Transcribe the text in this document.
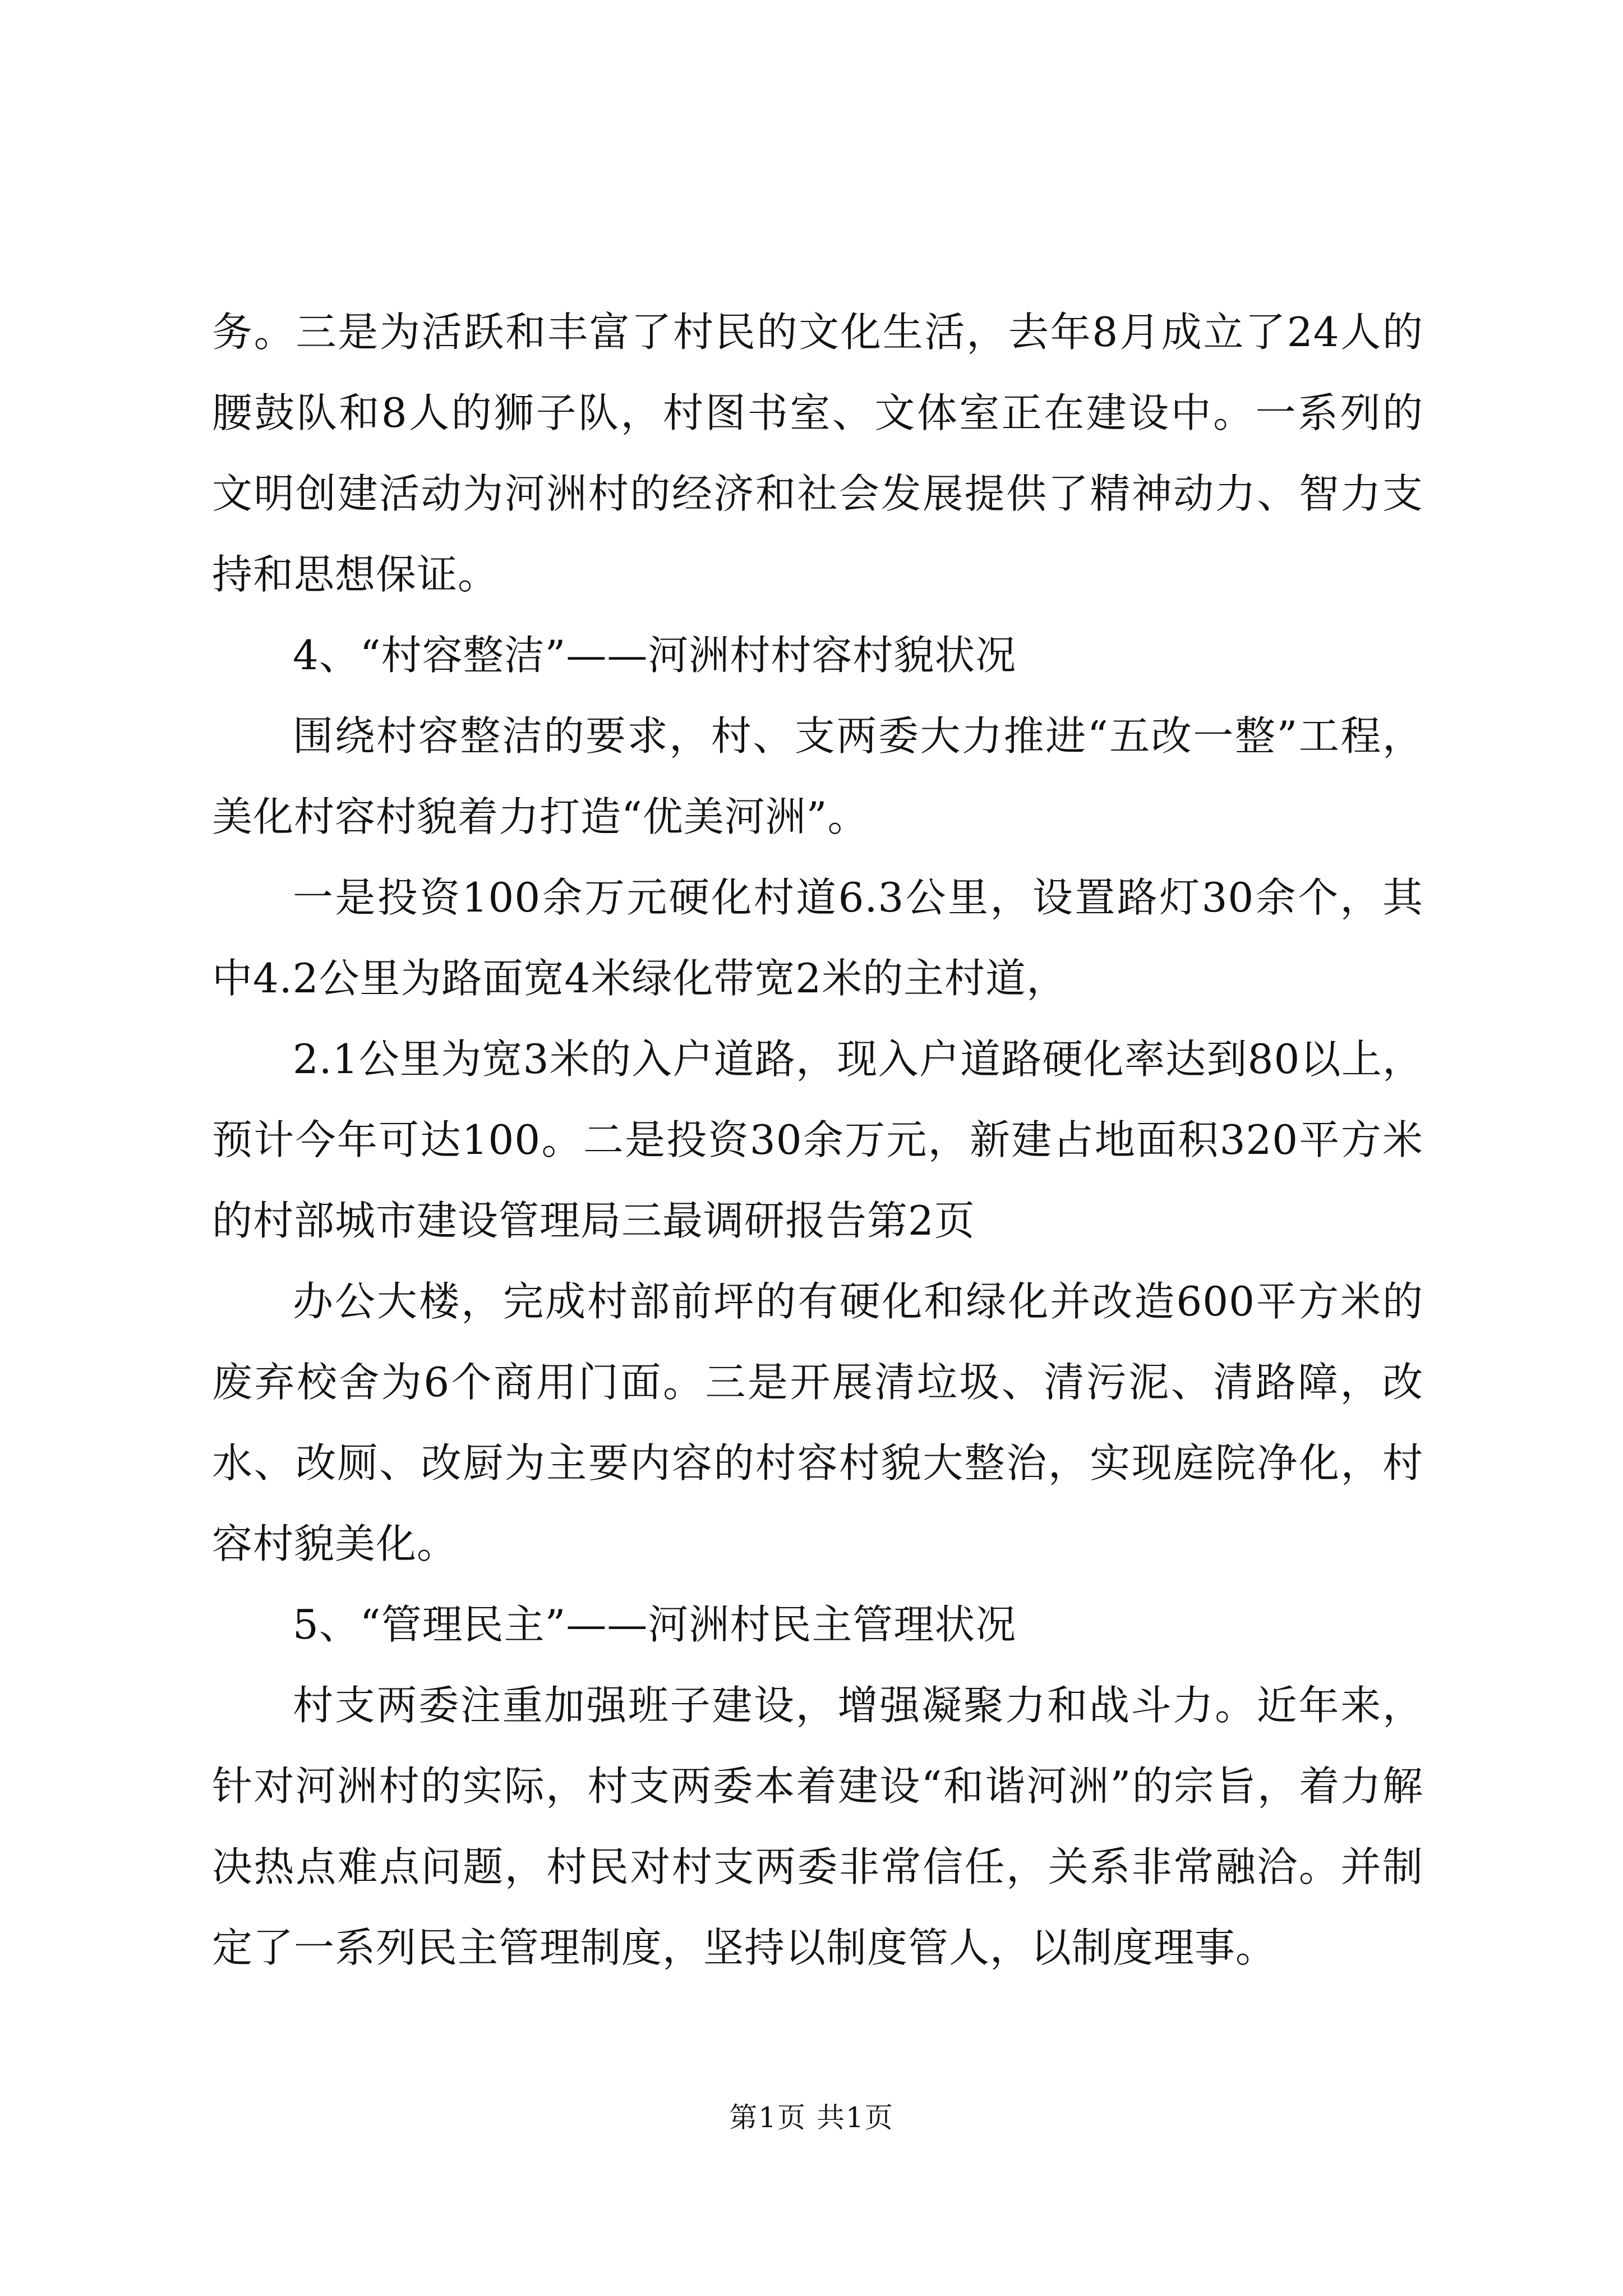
务。三是为活跃和丰富了村民的文化生活，去年8月成立了24人的腰鼓队和8人的狮子队，村图书室、文体室正在建设中。一系列的文明创建活动为河洲村的经济和社会发展提供了精神动力、智力支持和思想保证。

4、“村容整洁”——河洲村村容村貌状况

围绕村容整洁的要求，村、支两委大力推进“五改一整”工程，美化村容村貌着力打造“优美河洲”。

一是投资100余万元硬化村道6.3公里，设置路灯30余个，其中4.2公里为路面宽4米绿化带宽2米的主村道，

2.1公里为宽3米的入户道路，现入户道路硬化率达到80以上，预计今年可达100。二是投资30余万元，新建占地面积320平方米的村部城市建设管理局三最调研报告第2页

办公大楼，完成村部前坪的有硬化和绿化并改造600平方米的废弃校舍为6个商用门面。三是开展清垃圾、清污泥、清路障，改水、改厕、改厨为主要内容的村容村貌大整治，实现庭院净化，村容村貌美化。

5、“管理民主”——河洲村民主管理状况

村支两委注重加强班子建设，增强凝聚力和战斗力。近年来，针对河洲村的实际，村支两委本着建设“和谐河洲”的宗旨，着力解决热点难点问题，村民对村支两委非常信任，关系非常融洽。并制定了一系列民主管理制度，坚持以制度管人，以制度理事。

第1页 共1页
